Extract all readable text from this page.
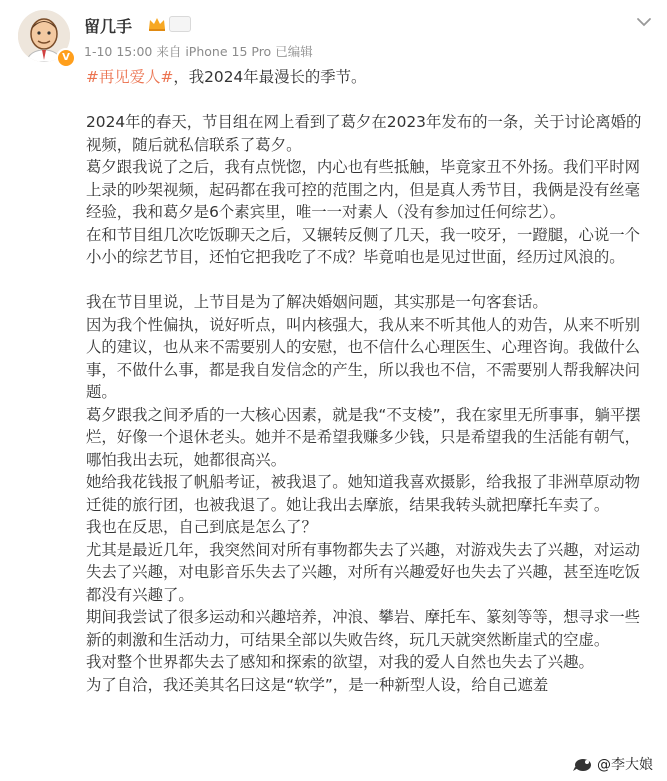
V
留几手
1-10 15:00 来自 iPhone 15 Pro 已编辑

#再见爱人#，我2024年最漫长的季节。

2024年的春天，节目组在网上看到了葛夕在2023年发布的一条，关于讨论离婚的

视频，随后就私信联系了葛夕。

葛夕跟我说了之后，我有点恍惚，内心也有些抵触，毕竟家丑不外扬。我们平时网

上录的吵架视频，起码都在我可控的范围之内，但是真人秀节目，我俩是没有丝毫

经验，我和葛夕是6个素宾里，唯一一对素人（没有参加过任何综艺）。

在和节目组几次吃饭聊天之后，又辗转反侧了几天，我一咬牙，一蹬腿，心说一个

小小的综艺节目，还怕它把我吃了不成？毕竟咱也是见过世面，经历过风浪的。

我在节目里说，上节目是为了解决婚姻问题，其实那是一句客套话。

因为我个性偏执，说好听点，叫内核强大，我从来不听其他人的劝告，从来不听别

人的建议，也从来不需要别人的安慰，也不信什么心理医生、心理咨询。我做什么

事，不做什么事，都是我自发信念的产生，所以我也不信，不需要别人帮我解决问

题。

葛夕跟我之间矛盾的一大核心因素，就是我“不支棱”，我在家里无所事事，躺平摆

烂，好像一个退休老头。她并不是希望我赚多少钱，只是希望我的生活能有朝气，

哪怕我出去玩，她都很高兴。

她给我花钱报了帆船考证，被我退了。她知道我喜欢摄影，给我报了非洲草原动物

迁徙的旅行团，也被我退了。她让我出去摩旅，结果我转头就把摩托车卖了。

我也在反思，自己到底是怎么了？

尤其是最近几年，我突然间对所有事物都失去了兴趣，对游戏失去了兴趣，对运动

失去了兴趣，对电影音乐失去了兴趣，对所有兴趣爱好也失去了兴趣，甚至连吃饭

都没有兴趣了。

期间我尝试了很多运动和兴趣培养，冲浪、攀岩、摩托车、篆刻等等，想寻求一些

新的刺激和生活动力，可结果全部以失败告终，玩几天就突然断崖式的空虚。

我对整个世界都失去了感知和探索的欲望，对我的爱人自然也失去了兴趣。

为了自洽，我还美其名曰这是“软学”，是一种新型人设，给自己遮羞

@李大娘
